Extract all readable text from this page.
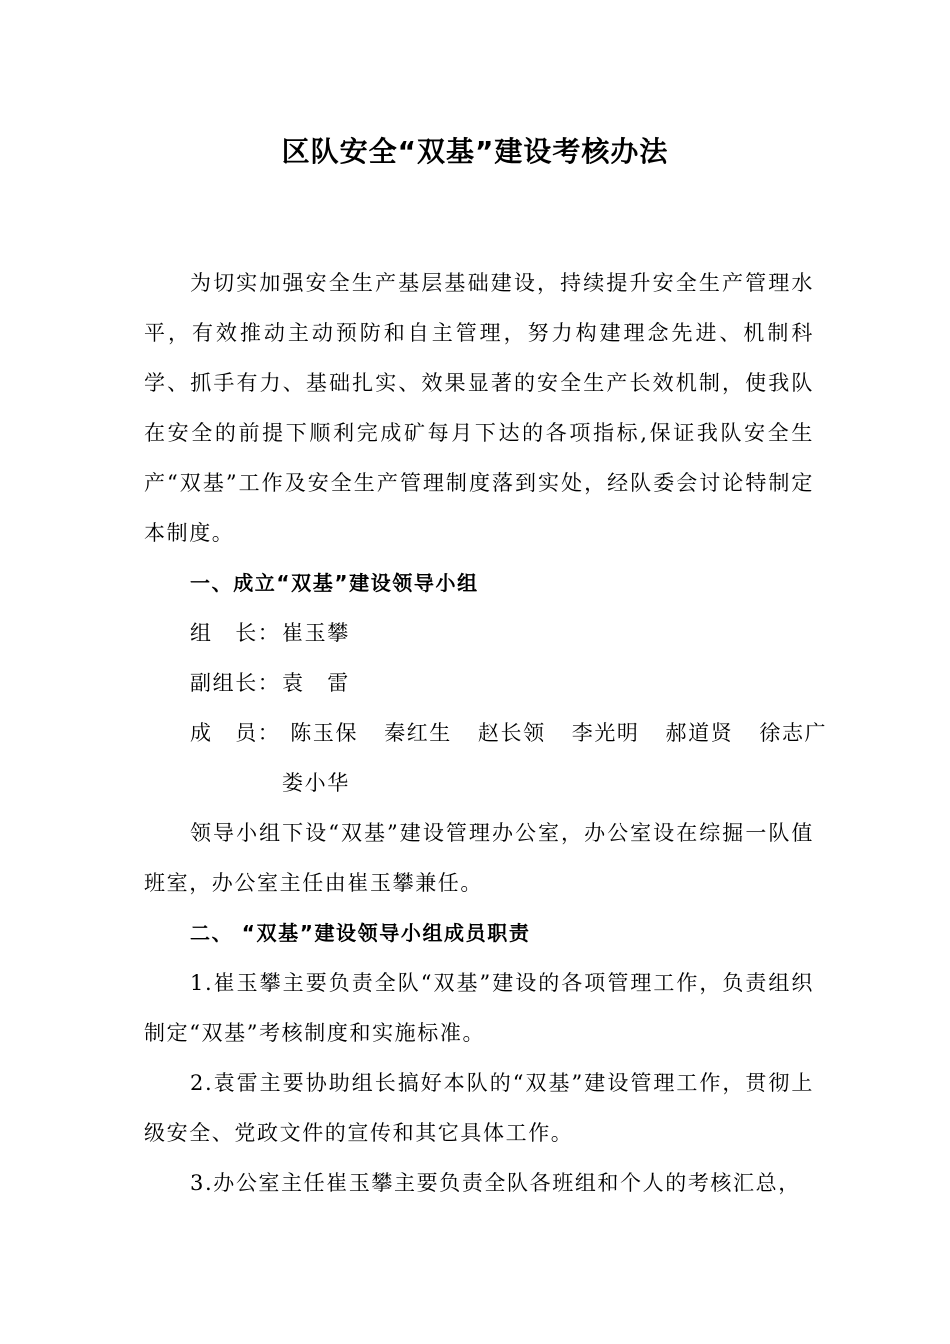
区队安全“双基”建设考核办法

为切实加强安全生产基层基础建设，持续提升安全生产管理水平，有效推动主动预防和自主管理，努力构建理念先进、机制科学、抓手有力、基础扎实、效果显著的安全生产长效机制，使我队在安全的前提下顺利完成矿每月下达的各项指标,保证我队安全生产“双基”工作及安全生产管理制度落到实处，经队委会讨论特制定本制度。

一、成立“双基”建设领导小组

组　长：崔玉攀

副组长：袁　雷

成　员： 陈玉保 秦红生 赵长领 李光明 郝道贤 徐志广

娄小华

领导小组下设“双基”建设管理办公室，办公室设在综掘一队值班室，办公室主任由崔玉攀兼任。

二、 “双基”建设领导小组成员职责

1.崔玉攀主要负责全队“双基”建设的各项管理工作，负责组织制定“双基”考核制度和实施标准。

2.袁雷主要协助组长搞好本队的“双基”建设管理工作，贯彻上级安全、党政文件的宣传和其它具体工作。

3.办公室主任崔玉攀主要负责全队各班组和个人的考核汇总，
